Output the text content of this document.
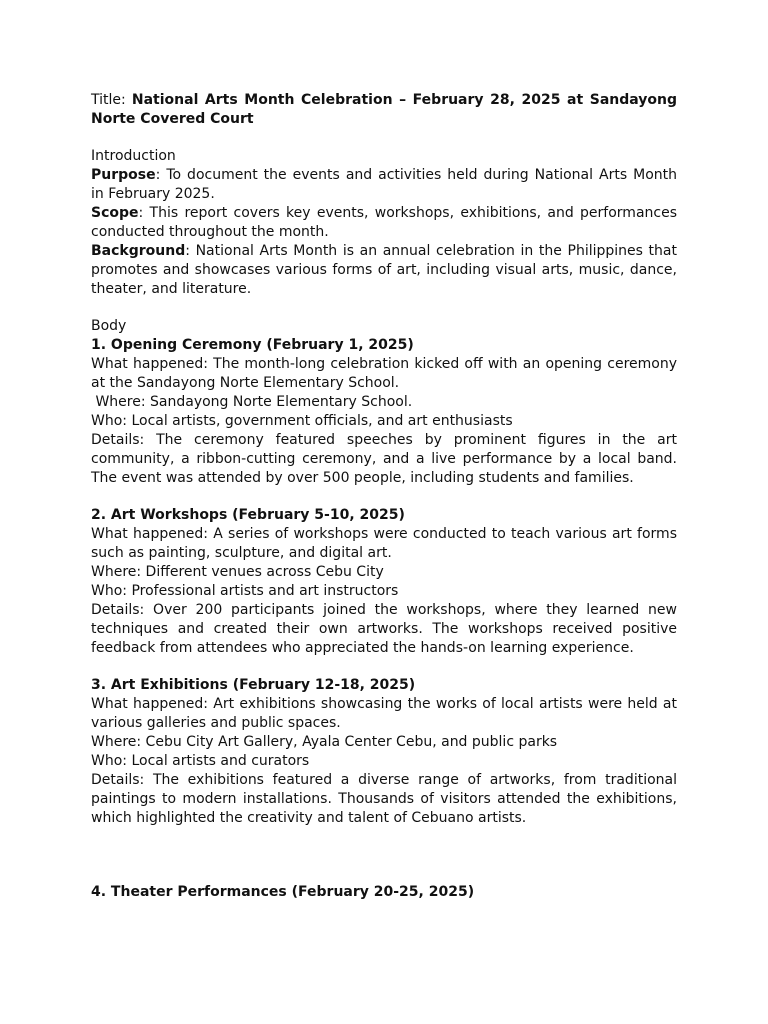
Title: National Arts Month Celebration – February 28, 2025 at Sandayong Norte Covered Court

Introduction

Purpose: To document the events and activities held during National Arts Month in February 2025.

Scope: This report covers key events, workshops, exhibitions, and performances conducted throughout the month.

Background: National Arts Month is an annual celebration in the Philippines that promotes and showcases various forms of art, including visual arts, music, dance, theater, and literature.

Body

1. Opening Ceremony (February 1, 2025)

What happened: The month-long celebration kicked off with an opening ceremony at the Sandayong Norte Elementary School.

Where: Sandayong Norte Elementary School.

Who: Local artists, government officials, and art enthusiasts

Details: The ceremony featured speeches by prominent figures in the art community, a ribbon-cutting ceremony, and a live performance by a local band. The event was attended by over 500 people, including students and families.

2. Art Workshops (February 5-10, 2025)

What happened: A series of workshops were conducted to teach various art forms such as painting, sculpture, and digital art.

Where: Different venues across Cebu City

Who: Professional artists and art instructors

Details: Over 200 participants joined the workshops, where they learned new techniques and created their own artworks. The workshops received positive feedback from attendees who appreciated the hands-on learning experience.

3. Art Exhibitions (February 12-18, 2025)

What happened: Art exhibitions showcasing the works of local artists were held at various galleries and public spaces.

Where: Cebu City Art Gallery, Ayala Center Cebu, and public parks

Who: Local artists and curators

Details: The exhibitions featured a diverse range of artworks, from traditional paintings to modern installations. Thousands of visitors attended the exhibitions, which highlighted the creativity and talent of Cebuano artists.

4. Theater Performances (February 20-25, 2025)
